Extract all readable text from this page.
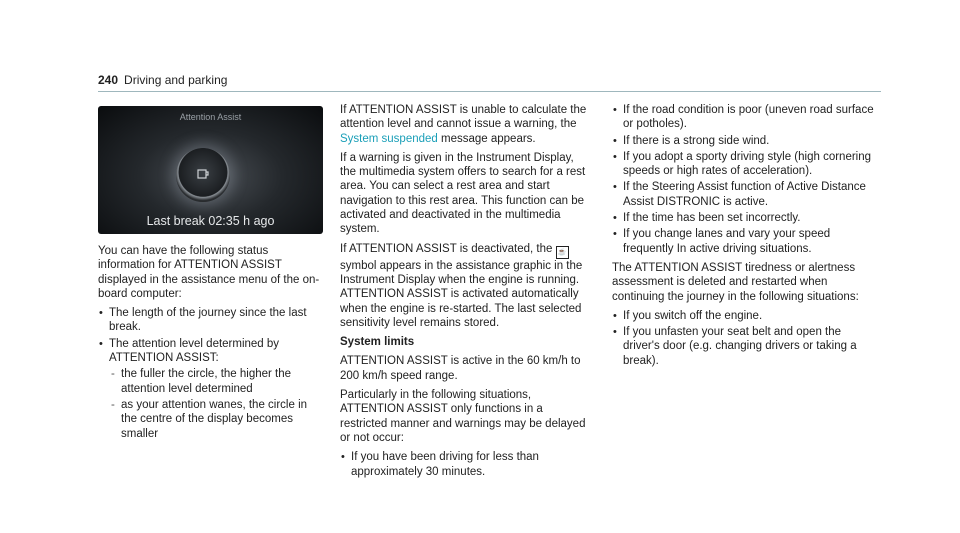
240 Driving and parking
Attention Assist
Last break 02:35 h ago

You can have the following status information for ATTENTION ASSIST displayed in the assistance menu of the on-board computer:

• The length of the journey since the last break.
• The attention level determined by ATTENTION ASSIST:
- the fuller the circle, the higher the attention level determined
- as your attention wanes, the circle in the centre of the display becomes smaller

If ATTENTION ASSIST is unable to calculate the attention level and cannot issue a warning, the
System suspended message appears.

If a warning is given in the Instrument Display, the multimedia system offers to search for a rest area. You can select a rest area and start navigation to this rest area. This function can be activated and deactivated in the multimedia system.

If ATTENTION ASSIST is deactivated, the ☕ symbol appears in the assistance graphic in the Instrument Display when the engine is running. ATTENTION ASSIST is activated automatically when the engine is re-started. The last selected sensitivity level remains stored.

System limits

ATTENTION ASSIST is active in the 60 km/h to 200 km/h speed range.

Particularly in the following situations, ATTENTION ASSIST only functions in a restricted manner and warnings may be delayed or not occur:

• If you have been driving for less than approximately 30 minutes.
• If the road condition is poor (uneven road surface or potholes).
• If there is a strong side wind.
• If you adopt a sporty driving style (high cornering speeds or high rates of acceleration).
• If the Steering Assist function of Active Distance Assist DISTRONIC is active.
• If the time has been set incorrectly.
• If you change lanes and vary your speed frequently In active driving situations.

The ATTENTION ASSIST tiredness or alertness assessment is deleted and restarted when continuing the journey in the following situations:

• If you switch off the engine.
• If you unfasten your seat belt and open the driver's door (e.g. changing drivers or taking a break).
